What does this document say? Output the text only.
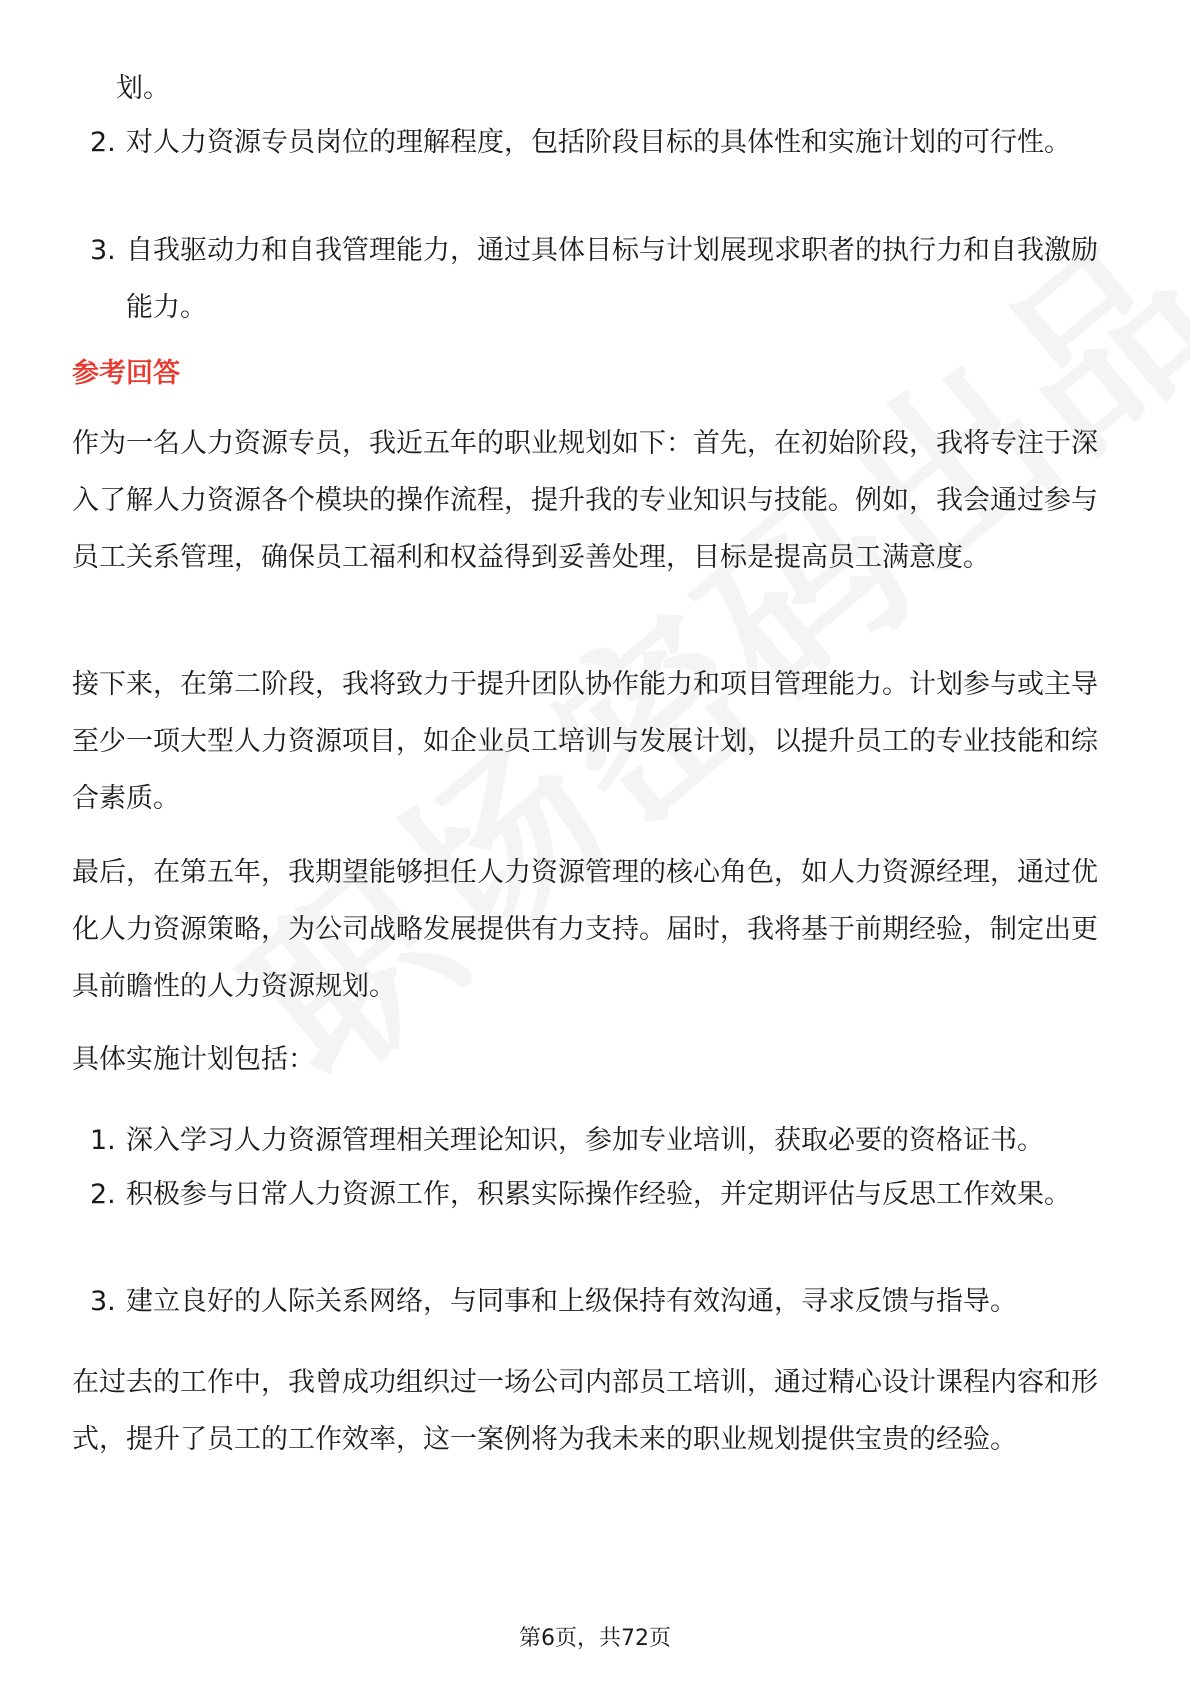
划。
2. 对人力资源专员岗位的理解程度，包括阶段目标的具体性和实施计划的可行性。
3. 自我驱动力和自我管理能力，通过具体目标与计划展现求职者的执行力和自我激励能力。
参考回答
作为一名人力资源专员，我近五年的职业规划如下：首先，在初始阶段，我将专注于深入了解人力资源各个模块的操作流程，提升我的专业知识与技能。例如，我会通过参与员工关系管理，确保员工福利和权益得到妥善处理，目标是提高员工满意度。
接下来，在第二阶段，我将致力于提升团队协作能力和项目管理能力。计划参与或主导至少一项大型人力资源项目，如企业员工培训与发展计划，以提升员工的专业技能和综合素质。
最后，在第五年，我期望能够担任人力资源管理的核心角色，如人力资源经理，通过优化人力资源策略，为公司战略发展提供有力支持。届时，我将基于前期经验，制定出更具前瞻性的人力资源规划。
具体实施计划包括：
1. 深入学习人力资源管理相关理论知识，参加专业培训，获取必要的资格证书。
2. 积极参与日常人力资源工作，积累实际操作经验，并定期评估与反思工作效果。
3. 建立良好的人际关系网络，与同事和上级保持有效沟通，寻求反馈与指导。
在过去的工作中，我曾成功组织过一场公司内部员工培训，通过精心设计课程内容和形式，提升了员工的工作效率，这一案例将为我未来的职业规划提供宝贵的经验。
第6页，共72页
